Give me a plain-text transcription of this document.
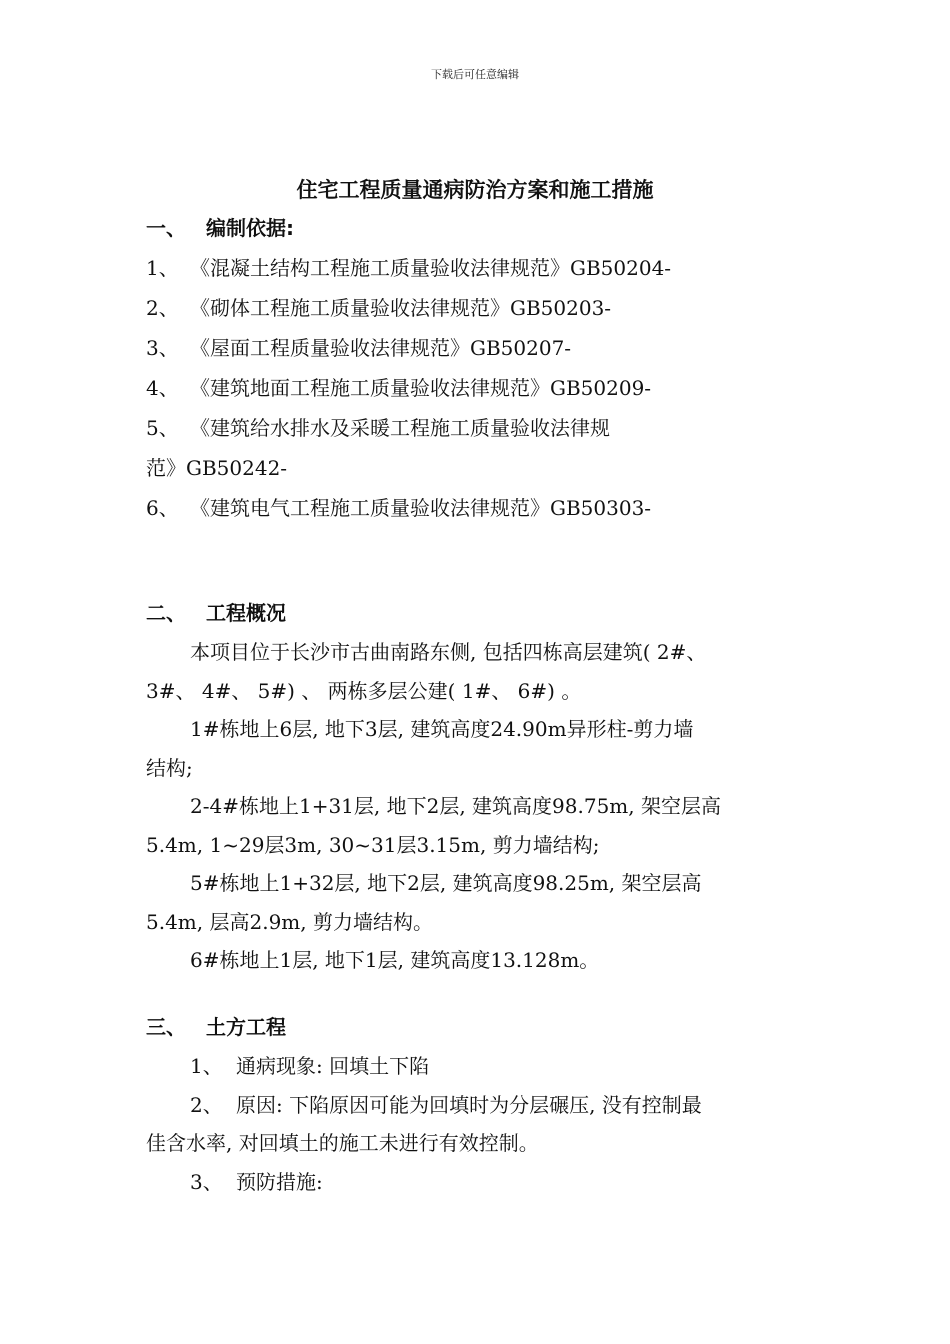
下载后可任意编辑
住宅工程质量通病防治方案和施工措施
一、 编制依据:
1、 《混凝土结构工程施工质量验收法律规范》GB50204-
2、 《砌体工程施工质量验收法律规范》GB50203-
3、 《屋面工程质量验收法律规范》GB50207-
4、 《建筑地面工程施工质量验收法律规范》GB50209-
5、 《建筑给水排水及采暖工程施工质量验收法律规
范》GB50242-
6、 《建筑电气工程施工质量验收法律规范》GB50303-
二、 工程概况
本项目位于长沙市古曲南路东侧, 包括四栋高层建筑( 2#、
3#、 4#、 5#) 、 两栋多层公建( 1#、 6#) 。
1#栋地上6层, 地下3层, 建筑高度24.90m异形柱-剪力墙
结构;
2-4#栋地上1+31层, 地下2层, 建筑高度98.75m, 架空层高
5.4m, 1~29层3m, 30~31层3.15m, 剪力墙结构;
5#栋地上1+32层, 地下2层, 建筑高度98.25m, 架空层高
5.4m, 层高2.9m, 剪力墙结构。
6#栋地上1层, 地下1层, 建筑高度13.128m。
三、 土方工程
1、 通病现象: 回填土下陷
2、 原因: 下陷原因可能为回填时为分层碾压, 没有控制最
佳含水率, 对回填土的施工未进行有效控制。
3、 预防措施:
